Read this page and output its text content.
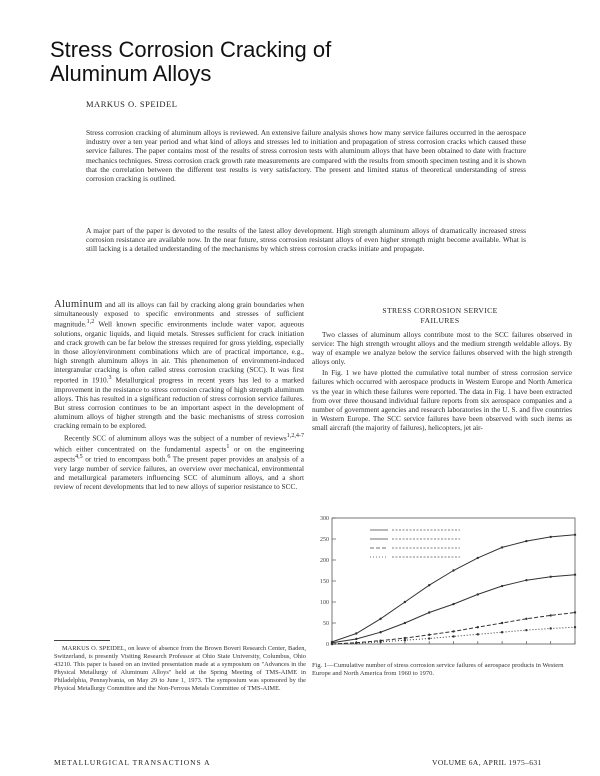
Stress Corrosion Cracking of
Aluminum Alloys
MARKUS O. SPEIDEL

Stress corrosion cracking of aluminum alloys is reviewed. An extensive failure analysis shows how many service failures occurred in the aerospace industry over a ten year period and what kind of alloys and stresses led to initiation and propagation of stress corrosion cracks which caused these service failures. The paper contains most of the results of stress corrosion tests with aluminum alloys that have been obtained to date with fracture mechanics techniques. Stress corrosion crack growth rate measurements are compared with the results from smooth specimen testing and it is shown that the correlation between the different test results is very satisfactory. The present and limited status of theoretical understanding of stress corrosion cracking is outlined.

A major part of the paper is devoted to the results of the latest alloy development. High strength aluminum alloys of dramatically increased stress corrosion resistance are available now. In the near future, stress corrosion resistant alloys of even higher strength might become available. What is still lacking is a detailed understanding of the mechanisms by which stress corrosion cracks initiate and propagate.

Aluminum and all its alloys can fail by cracking along grain boundaries when simultaneously exposed to specific environments and stresses of sufficient magnitude.$^{1,2}$ Well known specific environments include water vapor, aqueous solutions, organic liquids, and liquid metals. Stresses sufficient for crack initiation and crack growth can be far below the stresses required for gross yielding, especially in those alloy/environment combinations which are of practical importance, e.g., high strength aluminum alloys in air. This phenomenon of environment-induced intergranular cracking is often called stress corrosion cracking (SCC). It was first reported in 1910.$^3$ Metallurgical progress in recent years has led to a marked improvement in the resistance to stress corrosion cracking of high strength aluminum alloys. This has resulted in a significant reduction of stress corrosion service failures. But stress corrosion continues to be an important aspect in the development of aluminum alloys of higher strength and the basic mechanisms of stress corrosion cracking remain to be explored.

Recently SCC of aluminum alloys was the subject of a number of reviews$^{1,2,4-7}$ which either concentrated on the fundamental aspects$^1$ or on the engineering aspects$^{4,5}$ or tried to encompass both.$^6$ The present paper provides an analysis of a very large number of service failures, an overview over mechanical, environmental and metallurgical parameters influencing SCC of aluminum alloys, and a short review of recent developments that led to new alloys of superior resistance to SCC.

STRESS CORROSION SERVICE
FAILURES

Two classes of aluminum alloys contribute most to the SCC failures observed in service: The high strength wrought alloys and the medium strength weldable alloys. By way of example we analyze below the service failures observed with the high strength alloys only.

In Fig. 1 we have plotted the cumulative total number of stress corrosion service failures which occurred with aerospace products in Western Europe and North America vs the year in which these failures were reported. The data in Fig. 1 have been extracted from over three thousand individual failure reports from six aerospace companies and a number of government agencies and research laboratories in the U. S. and five countries in Western Europe. The SCC service failures have been observed with such items as small aircraft (the majority of failures), helicopters, jet air-

300
250
200
150
100
50
0
Fig. 1—Cumulative number of stress corrosion service failures of aerospace products in Western Europe and North America from 1960 to 1970.

MARKUS O. SPEIDEL, on leave of absence from the Brown Boveri Research Center, Baden, Switzerland, is presently Visiting Research Professor at Ohio State University, Columbus, Ohio 43210. This paper is based on an invited presentation made at a symposium on "Advances in the Physical Metallurgy of Aluminum Alloys" held at the Spring Meeting of TMS-AIME in Philadelphia, Pennsylvania, on May 29 to June 1, 1973. The symposium was sponsored by the Physical Metallurgy Committee and the Non-Ferrous Metals Committee of TMS-AIME.

METALLURGICAL TRANSACTIONS A	VOLUME 6A, APRIL 1975–631
